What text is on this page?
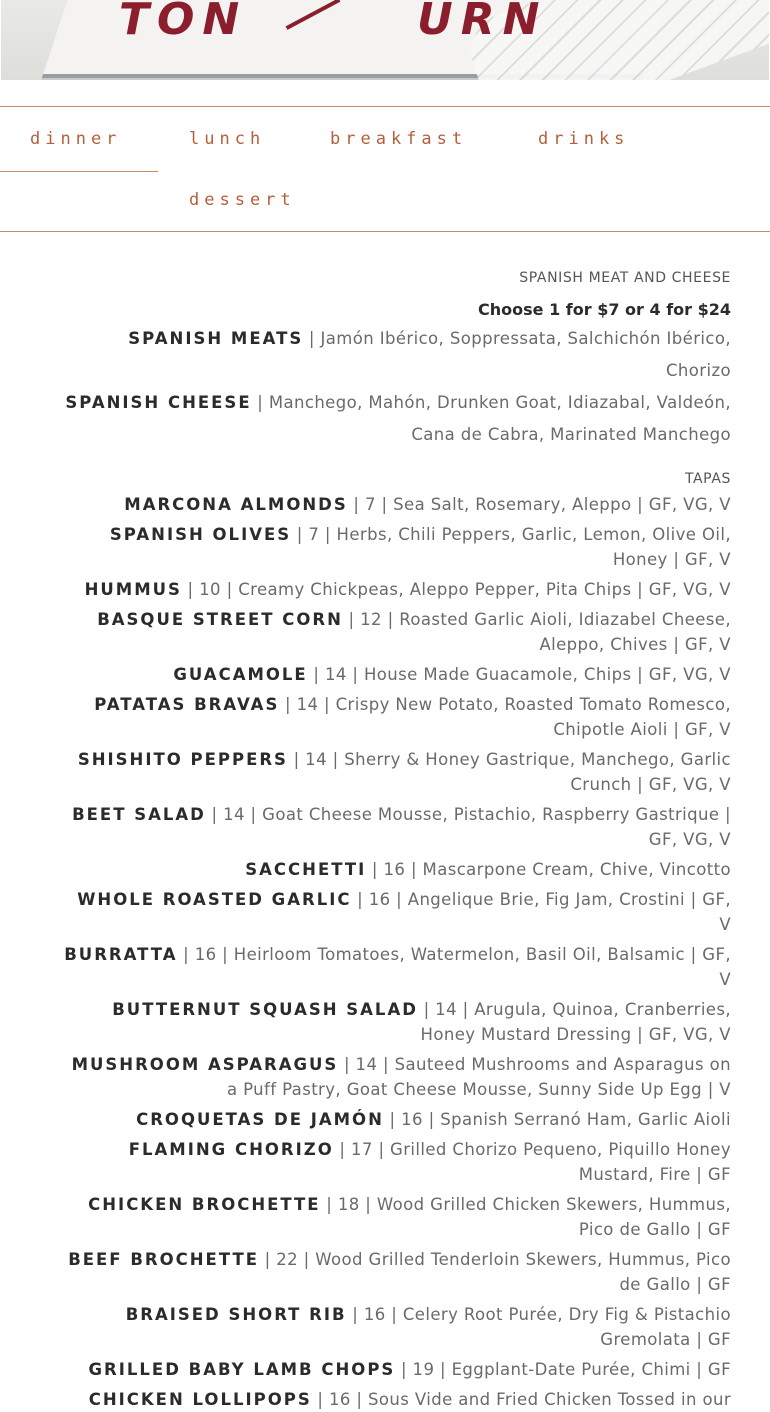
TON	URN
dinner	lunch	breakfast	drinks
dessert
SPANISH MEAT AND CHEESE
Choose 1 for $7 or 4 for $24
SPANISH MEATS | Jamón Ibérico, Soppressata, Salchichón Ibérico, Chorizo
SPANISH CHEESE | Manchego, Mahón, Drunken Goat, Idiazabal, Valdeón, Cana de Cabra, Marinated Manchego
TAPAS
MARCONA ALMONDS | 7 | Sea Salt, Rosemary, Aleppo | GF, VG, V
SPANISH OLIVES | 7 | Herbs, Chili Peppers, Garlic, Lemon, Olive Oil, Honey | GF, V
HUMMUS | 10 | Creamy Chickpeas, Aleppo Pepper, Pita Chips | GF, VG, V
BASQUE STREET CORN | 12 | Roasted Garlic Aioli, Idiazabel Cheese, Aleppo, Chives | GF, V
GUACAMOLE | 14 | House Made Guacamole, Chips | GF, VG, V
PATATAS BRAVAS | 14 | Crispy New Potato, Roasted Tomato Romesco, Chipotle Aioli | GF, V
SHISHITO PEPPERS | 14 | Sherry & Honey Gastrique, Manchego, Garlic Crunch | GF, VG, V
BEET SALAD | 14 | Goat Cheese Mousse, Pistachio, Raspberry Gastrique | GF, VG, V
SACCHETTI | 16 | Mascarpone Cream, Chive, Vincotto
WHOLE ROASTED GARLIC | 16 | Angelique Brie, Fig Jam, Crostini | GF, V
BURRATTA | 16 | Heirloom Tomatoes, Watermelon, Basil Oil, Balsamic | GF, V
BUTTERNUT SQUASH SALAD | 14 | Arugula, Quinoa, Cranberries, Honey Mustard Dressing | GF, VG, V
MUSHROOM ASPARAGUS | 14 | Sauteed Mushrooms and Asparagus on a Puff Pastry, Goat Cheese Mousse, Sunny Side Up Egg | V
CROQUETAS DE JAMÓN | 16 | Spanish Serranó Ham, Garlic Aioli
FLAMING CHORIZO | 17 | Grilled Chorizo Pequeno, Piquillo Honey Mustard, Fire | GF
CHICKEN BROCHETTE | 18 | Wood Grilled Chicken Skewers, Hummus, Pico de Gallo | GF
BEEF BROCHETTE | 22 | Wood Grilled Tenderloin Skewers, Hummus, Pico de Gallo | GF
BRAISED SHORT RIB | 16 | Celery Root Purée, Dry Fig & Pistachio Gremolata | GF
GRILLED BABY LAMB CHOPS | 19 | Eggplant-Date Purée, Chimi | GF
CHICKEN LOLLIPOPS | 16 | Sous Vide and Fried Chicken Tossed in our
